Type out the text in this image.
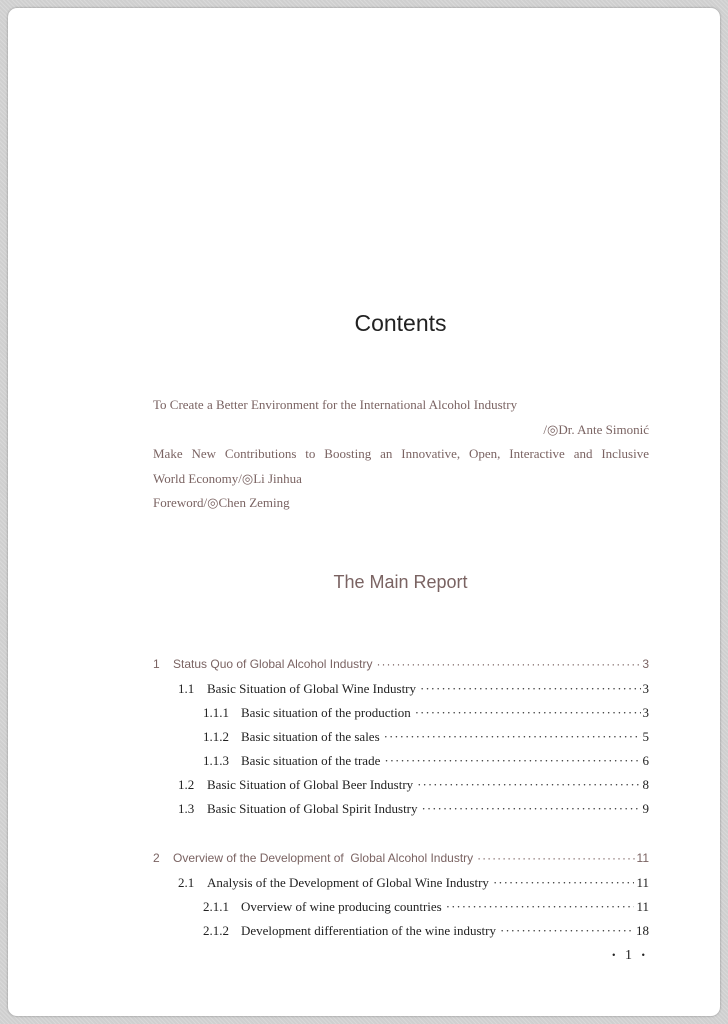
Contents
To Create a Better Environment for the International Alcohol Industry
/◎Dr. Ante Simonić
Make New Contributions to Boosting an Innovative, Open, Interactive and Inclusive
World Economy/◎Li Jinhua
Foreword/◎Chen Zeming
The Main Report
1	Status Quo of Global Alcohol Industry ·····	3
1.1 Basic Situation of Global Wine Industry ·····	3
1.1.1 Basic situation of the production ·····	3
1.1.2 Basic situation of the sales ·····	5
1.1.3 Basic situation of the trade ·····	6
1.2 Basic Situation of Global Beer Industry ·····	8
1.3 Basic Situation of Global Spirit Industry ·····	9
2	Overview of the Development of  Global Alcohol Industry ·····	11
2.1 Analysis of the Development of Global Wine Industry ·····	11
2.1.1 Overview of wine producing countries ·····	11
2.1.2 Development differentiation of the wine industry ·····	18
• 1 •
